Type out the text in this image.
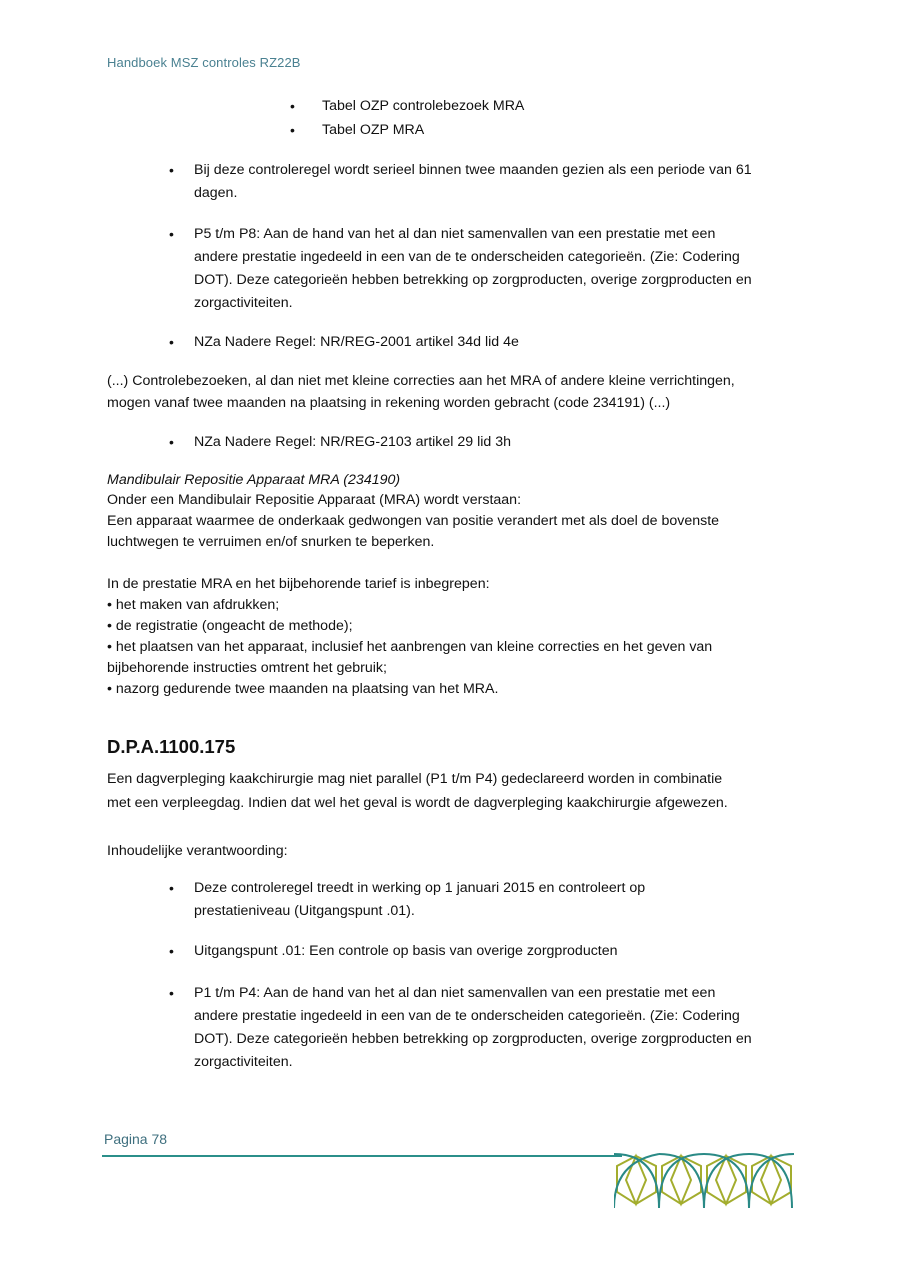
Handboek MSZ controles RZ22B
• Tabel OZP controlebezoek MRA
• Tabel OZP MRA
• Bij deze controleregel wordt serieel binnen twee maanden gezien als een periode van 61
dagen.
• P5 t/m P8: Aan de hand van het al dan niet samenvallen van een prestatie met een
andere prestatie ingedeeld in een van de te onderscheiden categorieën. (Zie: Codering
DOT). Deze categorieën hebben betrekking op zorgproducten, overige zorgproducten en
zorgactiviteiten.
• NZa Nadere Regel: NR/REG-2001 artikel 34d lid 4e
(...) Controlebezoeken, al dan niet met kleine correcties aan het MRA of andere kleine verrichtingen,
mogen vanaf twee maanden na plaatsing in rekening worden gebracht (code 234191) (...)
• NZa Nadere Regel: NR/REG-2103 artikel 29 lid 3h
Mandibulair Repositie Apparaat MRA (234190)
Onder een Mandibulair Repositie Apparaat (MRA) wordt verstaan:
Een apparaat waarmee de onderkaak gedwongen van positie verandert met als doel de bovenste
luchtwegen te verruimen en/of snurken te beperken.
In de prestatie MRA en het bijbehorende tarief is inbegrepen:
• het maken van afdrukken;
• de registratie (ongeacht de methode);
• het plaatsen van het apparaat, inclusief het aanbrengen van kleine correcties en het geven van
bijbehorende instructies omtrent het gebruik;
• nazorg gedurende twee maanden na plaatsing van het MRA.
D.P.A.1100.175
Een dagverpleging kaakchirurgie mag niet parallel (P1 t/m P4) gedeclareerd worden in combinatie
met een verpleegdag. Indien dat wel het geval is wordt de dagverpleging kaakchirurgie afgewezen.
Inhoudelijke verantwoording:
• Deze controleregel treedt in werking op 1 januari 2015 en controleert op
prestatieniveau (Uitgangspunt .01).
• Uitgangspunt .01: Een controle op basis van overige zorgproducten
• P1 t/m P4: Aan de hand van het al dan niet samenvallen van een prestatie met een
andere prestatie ingedeeld in een van de te onderscheiden categorieën. (Zie: Codering
DOT). Deze categorieën hebben betrekking op zorgproducten, overige zorgproducten en
zorgactiviteiten.
Pagina 78
